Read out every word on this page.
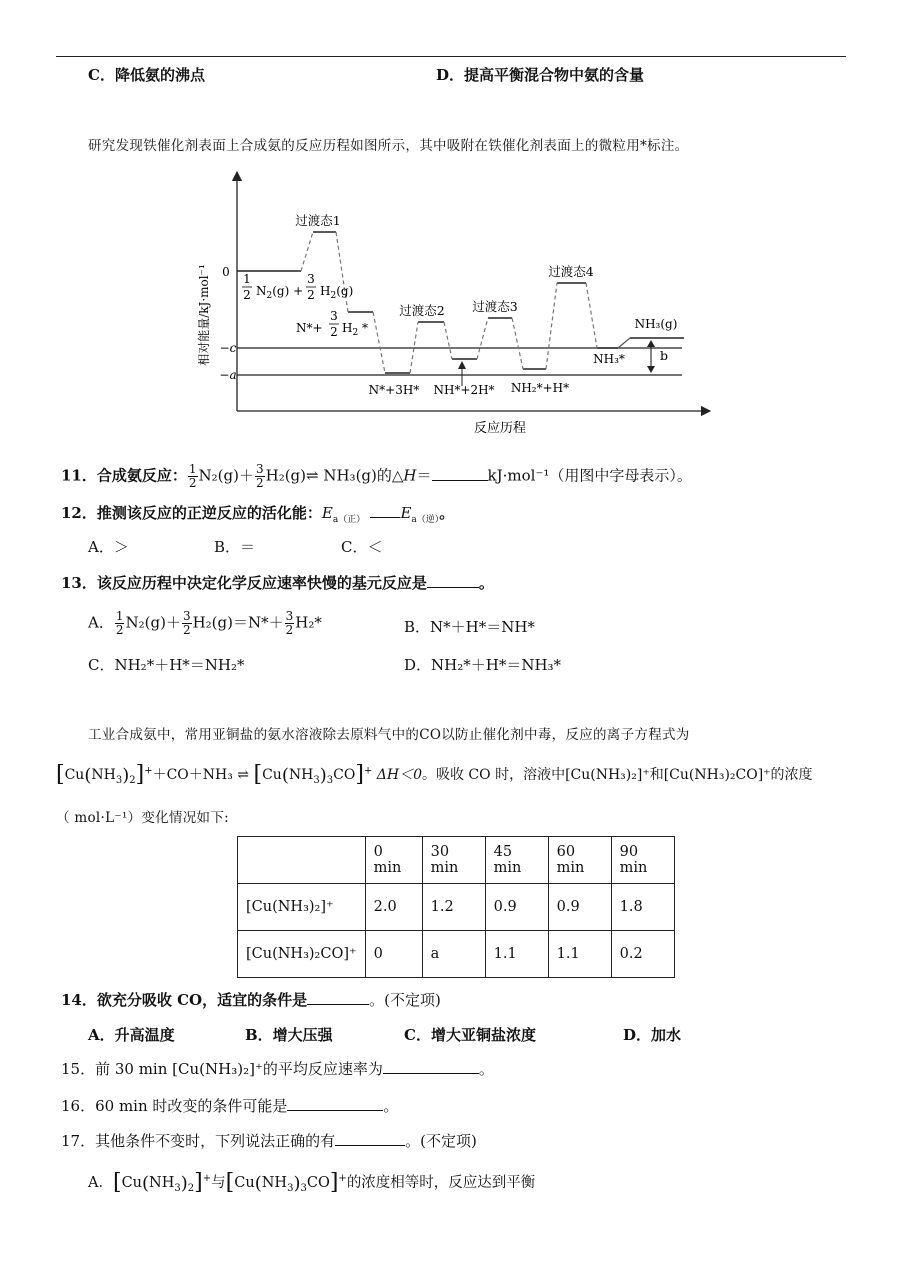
C．降低氨的沸点	D．提高平衡混合物中氨的含量
研究发现铁催化剂表面上合成氨的反应历程如图所示，其中吸附在铁催化剂表面上的微粒用*标注。
0
−c
−a
相对能量/kJ·mol⁻¹
反应历程
过渡态1
过渡态2 过渡态3
过渡态4
1
2 $N_2(g)$ +
3
2 $H_2(g)$
N*+
3
2 $H_2$ *
N*+3H* NH*+2H* NH₂*+H*
NH₃*
NH₃(g)
b
11．合成氨反应： $\frac{1}{2} N_2(g)+ \frac{3}{2}$ H₂(g)⇌ NH₃(g)的△H＝	kJ·mol⁻¹（用图中字母表示）。
12．推测该反应的正逆反应的活化能：$E_{a(正)}$ $E_{a(逆)}$。
A．＞	B．＝	C．＜
13．该反应历程中决定化学反应速率快慢的基元反应是	。
A． $\frac{1}{2} N_2(g)+ \frac{3}{2} H_2(g)=N*+ \frac{3}{2} H_2*$	B．N*＋H*＝NH*
C．NH₂*＋H*＝NH₂*	D．NH₂*＋H*＝NH₃*
工业合成氨中，常用亚铜盐的氨水溶液除去原料气中的CO以防止催化剂中毒，反应的离子方程式为
$[Cu(NH_3)_2]^++CO+NH_3$ ⇌ $[Cu(NH_3)_3CO]^+$ ΔH＜0。吸收 CO 时，溶液中[Cu(NH₃)₂]⁺和[Cu(NH₃)₂CO]⁺的浓度
（ mol·L⁻¹）变化情况如下:
	0 min	30 min	45 min	60 min	90 min
[Cu(NH₃)₂]⁺	2.0	1.2	0.9	0.9	1.8
[Cu(NH₃)₂CO]⁺	0	a	1.1	1.1	0.2
14．欲充分吸收 CO，适宜的条件是	。(不定项)
A．升高温度	B．增大压强	C．增大亚铜盐浓度	D．加水
15．前 30 min [Cu(NH₃)₂]⁺的平均反应速率为	。
16．60 min 时改变的条件可能是	。
17．其他条件不变时，下列说法正确的有	。(不定项)
A．$[Cu(NH_3)_2]^+$与$[Cu(NH_3)_3CO]^+$的浓度相等时，反应达到平衡
